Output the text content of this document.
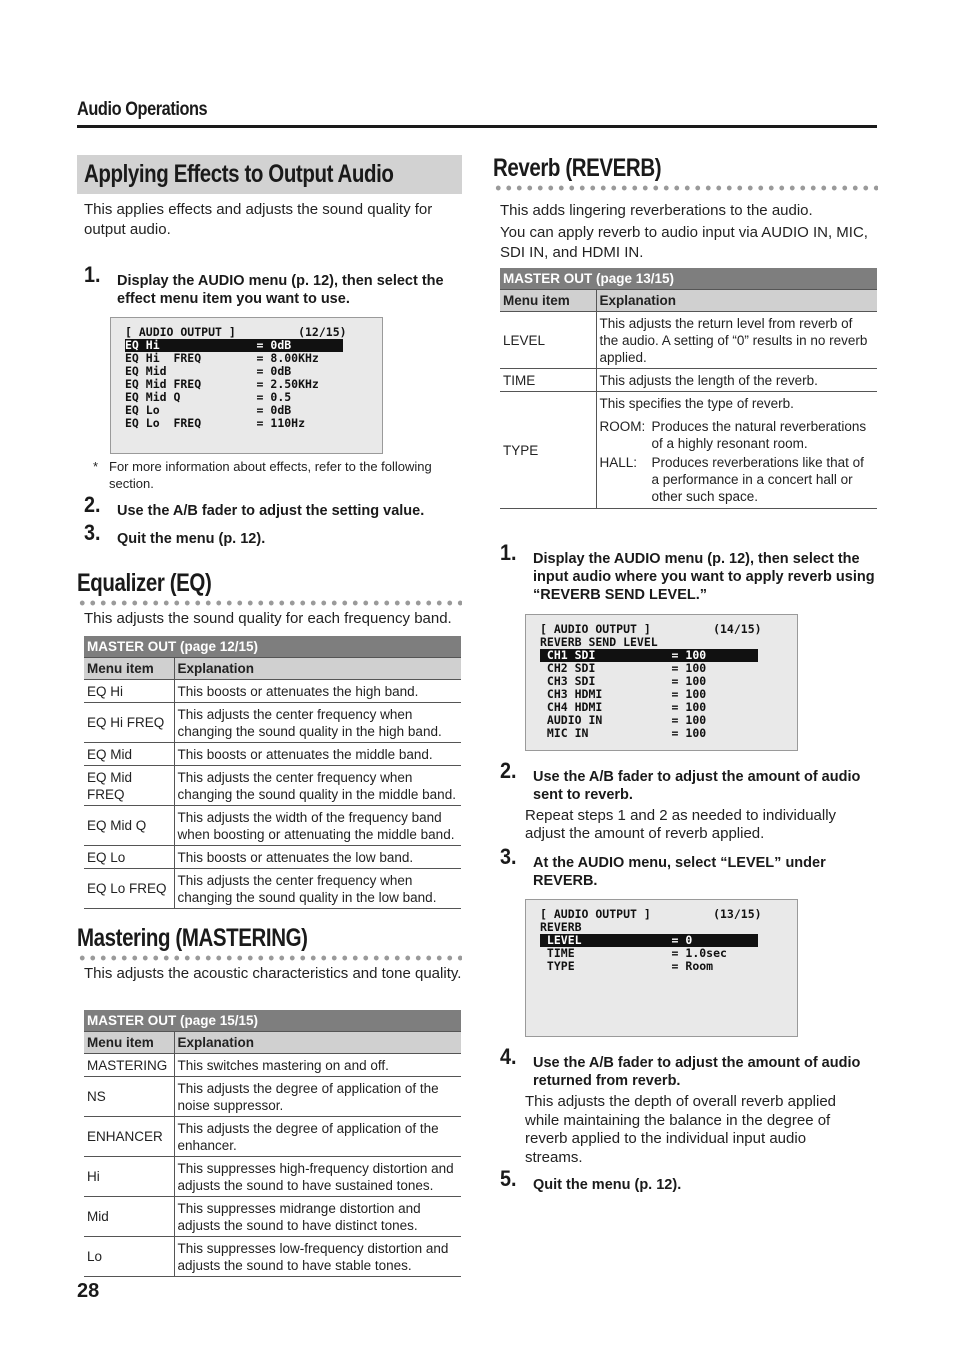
Audio Operations
Applying Effects to Output Audio
This applies effects and adjusts the sound quality for output audio.
1. Display the AUDIO menu (p. 12), then select the effect menu item you want to use.
[ AUDIO OUTPUT ]         (12/15)
EQ Hi              = 0dB
EQ Hi  FREQ        = 8.00KHz
EQ Mid             = 0dB
EQ Mid FREQ        = 2.50KHz
EQ Mid Q           = 0.5
EQ Lo              = 0dB
EQ Lo  FREQ        = 110Hz
* For more information about effects, refer to the following section.
2. Use the A/B fader to adjust the setting value.
3. Quit the menu (p. 12).
Equalizer (EQ)
This adjusts the sound quality for each frequency band.
MASTER OUT (page 12/15)	
Menu item	Explanation
EQ Hi	This boosts or attenuates the high band.
EQ Hi FREQ	This adjusts the center frequency when changing the sound quality in the high band.
EQ Mid	This boosts or attenuates the middle band.
EQ Mid FREQ	This adjusts the center frequency when changing the sound quality in the middle band.
EQ Mid Q	This adjusts the width of the frequency band when boosting or attenuating the middle band.
EQ Lo	This boosts or attenuates the low band.
EQ Lo FREQ	This adjusts the center frequency when changing the sound quality in the low band.
Mastering (MASTERING)
This adjusts the acoustic characteristics and tone quality.
MASTER OUT (page 15/15)	
Menu item	Explanation
MASTERING	This switches mastering on and off.
NS	This adjusts the degree of application of the noise suppressor.
ENHANCER	This adjusts the degree of application of the enhancer.
Hi	This suppresses high-frequency distortion and adjusts the sound to have sustained tones.
Mid	This suppresses midrange distortion and adjusts the sound to have distinct tones.
Lo	This suppresses low-frequency distortion and adjusts the sound to have stable tones.
Reverb (REVERB)
This adds lingering reverberations to the audio.
You can apply reverb to audio input via AUDIO IN, MIC, SDI IN, and HDMI IN.
MASTER OUT (page 13/15)	
Menu item	Explanation
LEVEL	This adjusts the return level from reverb of the audio. A setting of “0” results in no reverb applied.
TIME	This adjusts the length of the reverb.
TYPE	This specifies the type of reverb.
ROOM: Produces the natural reverberations of a highly resonant room.
HALL: Produces reverberations like that of a performance in a concert hall or other such space.
1. Display the AUDIO menu (p. 12), then select the input audio where you want to apply reverb using “REVERB SEND LEVEL.”
[ AUDIO OUTPUT ]         (14/15)
REVERB SEND LEVEL
CH1 SDI           = 100
CH2 SDI           = 100
CH3 SDI           = 100
CH3 HDMI          = 100
CH4 HDMI          = 100
AUDIO IN          = 100
MIC IN            = 100
2. Use the A/B fader to adjust the amount of audio sent to reverb.
Repeat steps 1 and 2 as needed to individually adjust the amount of reverb applied.
3. At the AUDIO menu, select “LEVEL” under REVERB.
[ AUDIO OUTPUT ]         (13/15)
REVERB
LEVEL             = 0
TIME              = 1.0sec
TYPE              = Room
4. Use the A/B fader to adjust the amount of audio returned from reverb.
This adjusts the depth of overall reverb applied while maintaining the balance in the degree of reverb applied to the individual input audio streams.
5. Quit the menu (p. 12).
28
